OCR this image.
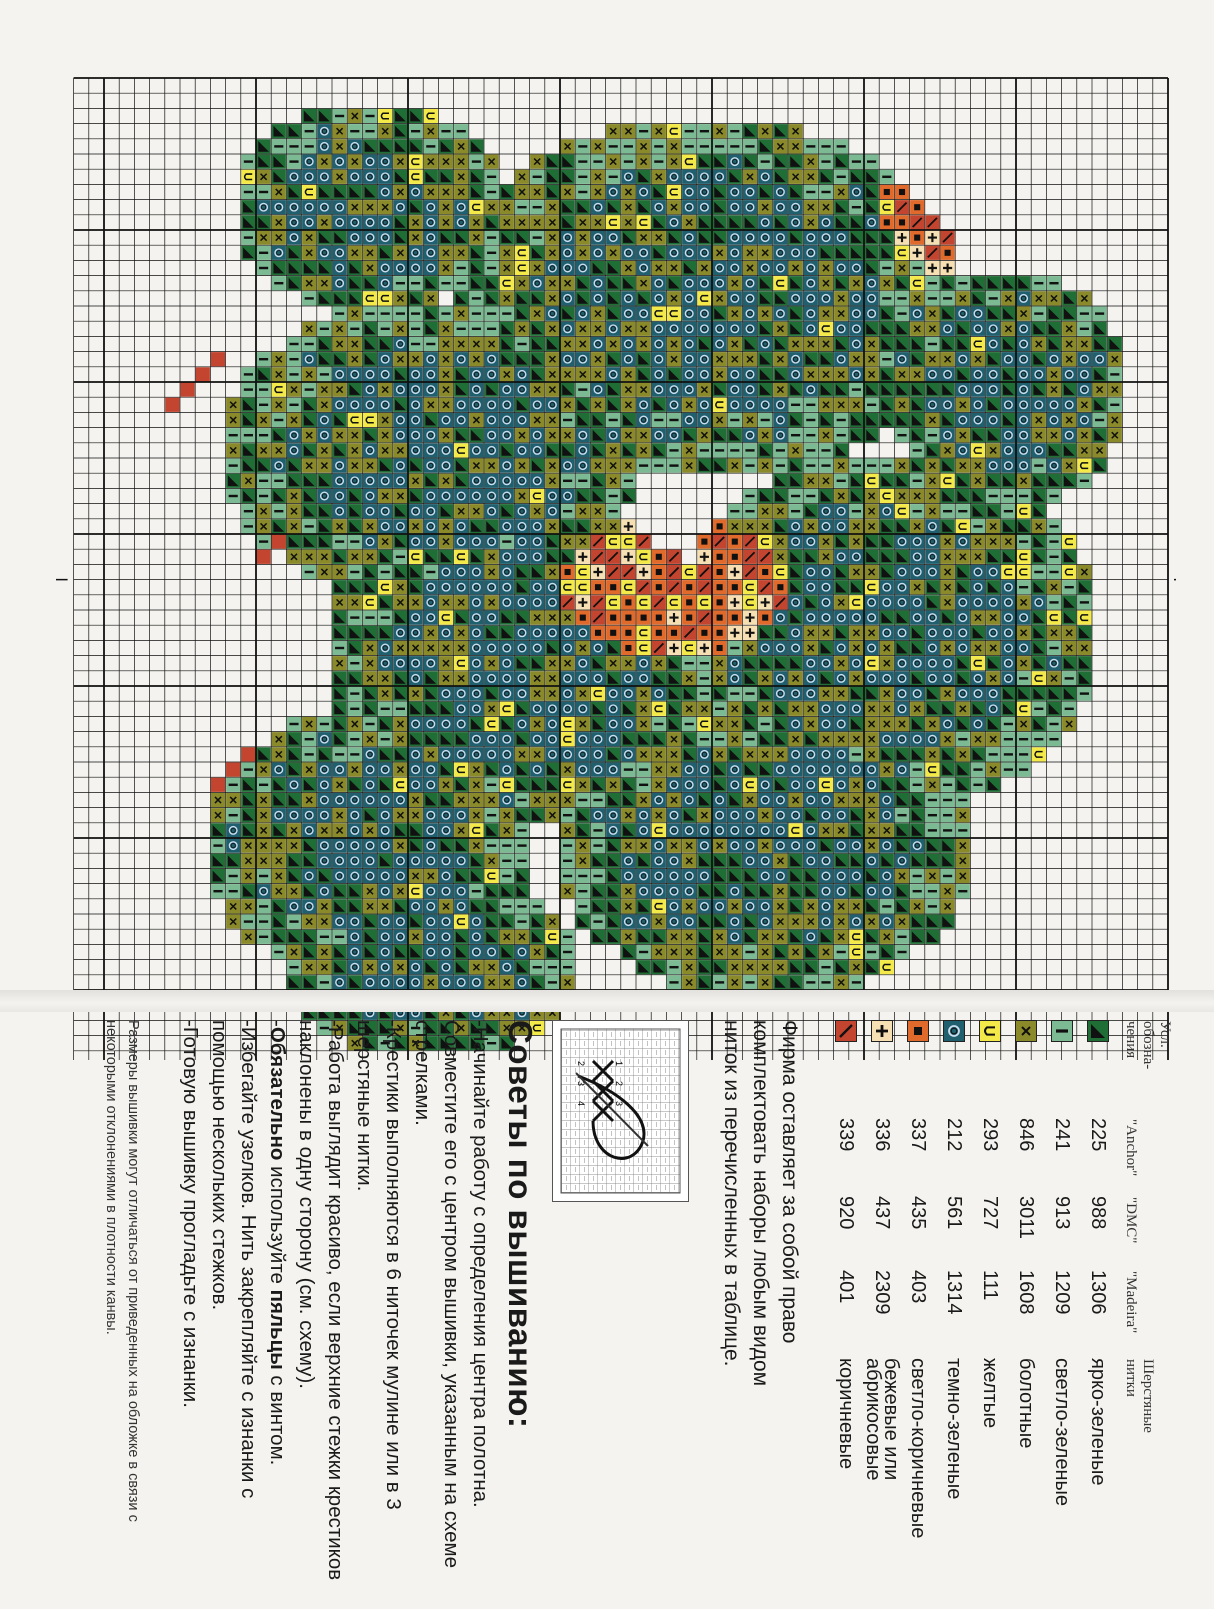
Усл. обозна-чения	"Anchor"	"DMC"	"Madeira"	Шерстяные нитки

	225	988	1306	ярко-зеленые
	241	913	1209	светло-зеленые
	846	3011	1608	болотные
	293	727	111	желтые
	212	561	1314	темно-зеленые
	337	435	403	светло-коричневые
	336	437	2309	бежевые или абрикосовые
	339	920	401	коричневые
Фирма оставляет за собой право комплектовать наборы любым видом ниток из перечисленных в таблице.
2
3
4
1
2
3
Советы по вышиванию:

-Начинайте работу с определения центра полотна. Совместите его с центром вышивки, указанным на схеме стрелками.

-Крестики выполняются в 6 ниточек мулине или в 3 шерстяные нитки.

-Работа выглядит красиво, если верхние стежки крестиков наклонены в одну сторону (см. схему).

-Обязательно используйте пяльцы с винтом.

-Избегайте узелков. Нить закрепляйте с изнанки с помощью нескольких стежков.

-Готовую вышивку прогладьте с изнанки.

Размеры вышивки могут отличаться от приведенных на обложке в связи с некоторыми отклонениями в плотности канвы.
